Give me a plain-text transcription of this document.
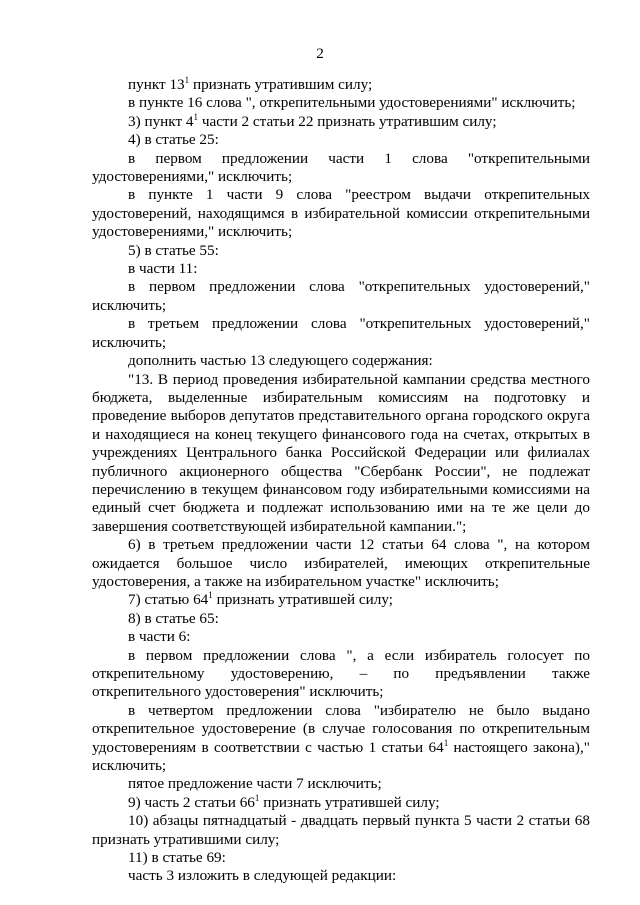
2

пункт $13^1$ признать утратившим силу;

в пункте 16 слова ", открепительными удостоверениями" исключить;

3) пункт $4^1$ части 2 статьи 22 признать утратившим силу;

4) в статье 25:

в первом предложении части 1 слова "открепительными удостоверениями," исключить;

в пункте 1 части 9 слова "реестром выдачи открепительных удостоверений, находящимся в избирательной комиссии открепительными удостоверениями," исключить;

5) в статье 55:

в части 11:

в первом предложении слова "открепительных удостоверений," исключить;

в третьем предложении слова "открепительных удостоверений," исключить;

дополнить частью 13 следующего содержания:

"13. В период проведения избирательной кампании средства местного бюджета, выделенные избирательным комиссиям на подготовку и проведение выборов депутатов представительного органа городского округа и находящиеся на конец текущего финансового года на счетах, открытых в учреждениях Центрального банка Российской Федерации или филиалах публичного акционерного общества "Сбербанк России", не подлежат перечислению в текущем финансовом году избирательными комиссиями на единый счет бюджета и подлежат использованию ими на те же цели до завершения соответствующей избирательной кампании.";

6) в третьем предложении части 12 статьи 64 слова ", на котором ожидается большое число избирателей, имеющих открепительные удостоверения, а также на избирательном участке" исключить;

7) статью $64^1$ признать утратившей силу;

8) в статье 65:

в части 6:

в первом предложении слова ", а если избиратель голосует по открепительному удостоверению, – по предъявлении также открепительного удостоверения" исключить;

в четвертом предложении слова "избирателю не было выдано открепительное удостоверение (в случае голосования по открепительным удостоверениям в соответствии с частью 1 статьи $64^1$ настоящего закона)," исключить;

пятое предложение части 7 исключить;

9) часть 2 статьи $66^1$ признать утратившей силу;

10) абзацы пятнадцатый - двадцать первый пункта 5 части 2 статьи 68 признать утратившими силу;

11) в статье 69:

часть 3 изложить в следующей редакции:
